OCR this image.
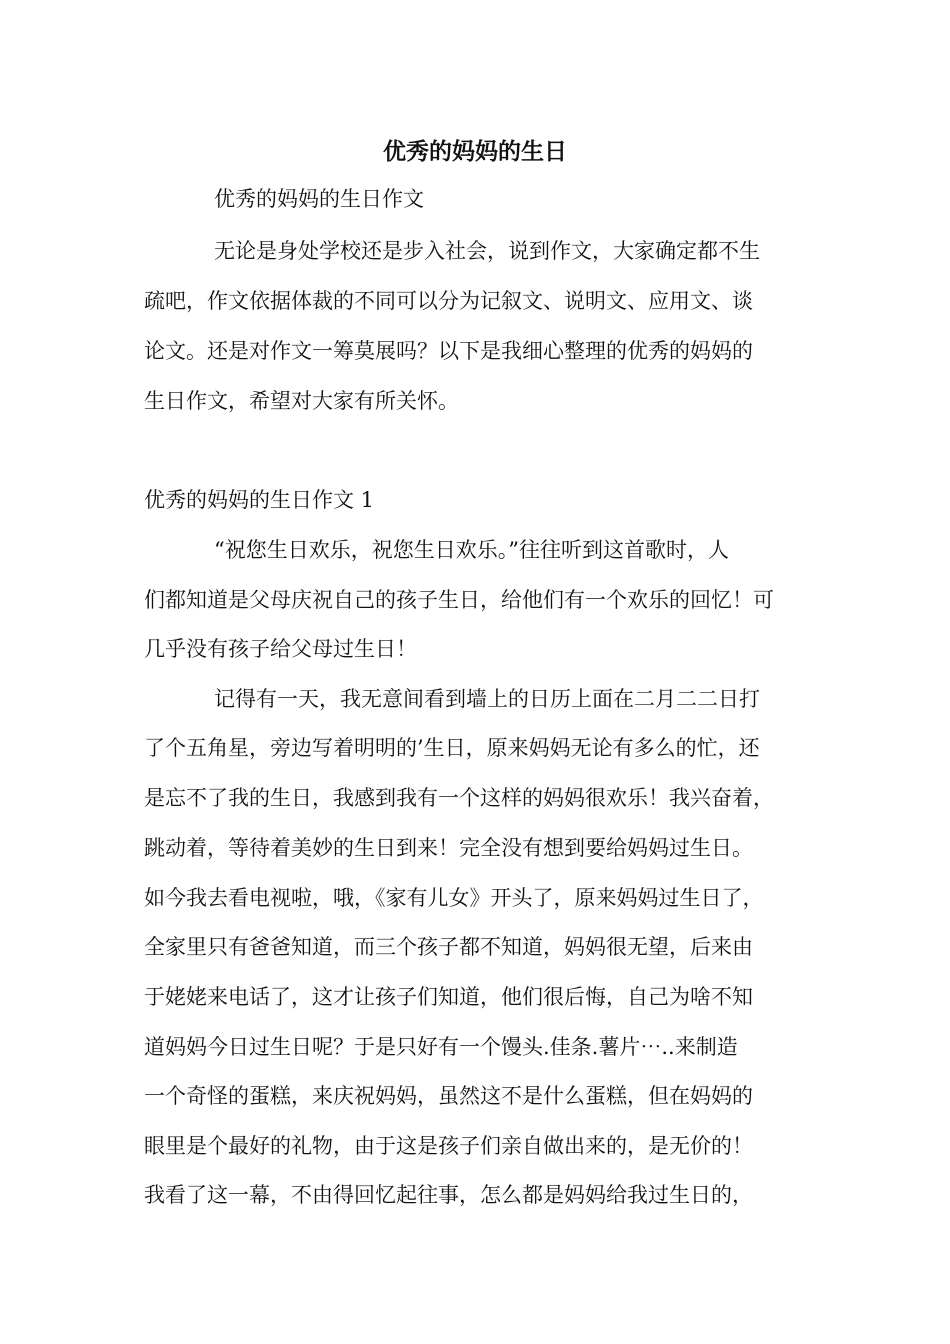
优秀的妈妈的生日

优秀的妈妈的生日作文

无论是身处学校还是步入社会，说到作文，大家确定都不生

疏吧，作文依据体裁的不同可以分为记叙文、说明文、应用文、谈

论文。还是对作文一筹莫展吗？以下是我细心整理的优秀的妈妈的

生日作文，希望对大家有所关怀。

优秀的妈妈的生日作文 1

“祝您生日欢乐，祝您生日欢乐。”往往听到这首歌时，人

们都知道是父母庆祝自己的孩子生日，给他们有一个欢乐的回忆！可

几乎没有孩子给父母过生日！

记得有一天，我无意间看到墙上的日历上面在二月二二日打

了个五角星，旁边写着明明的’生日，原来妈妈无论有多么的忙，还

是忘不了我的生日，我感到我有一个这样的妈妈很欢乐！我兴奋着，

跳动着，等待着美妙的生日到来！完全没有想到要给妈妈过生日。

如今我去看电视啦，哦，《家有儿女》开头了，原来妈妈过生日了，

全家里只有爸爸知道，而三个孩子都不知道，妈妈很无望，后来由

于姥姥来电话了，这才让孩子们知道，他们很后悔，自己为啥不知

道妈妈今日过生日呢？于是只好有一个馒头.佳条.薯片⋯..来制造

一个奇怪的蛋糕，来庆祝妈妈，虽然这不是什么蛋糕，但在妈妈的

眼里是个最好的礼物，由于这是孩子们亲自做出来的，是无价的！

我看了这一幕，不由得回忆起往事，怎么都是妈妈给我过生日的，
